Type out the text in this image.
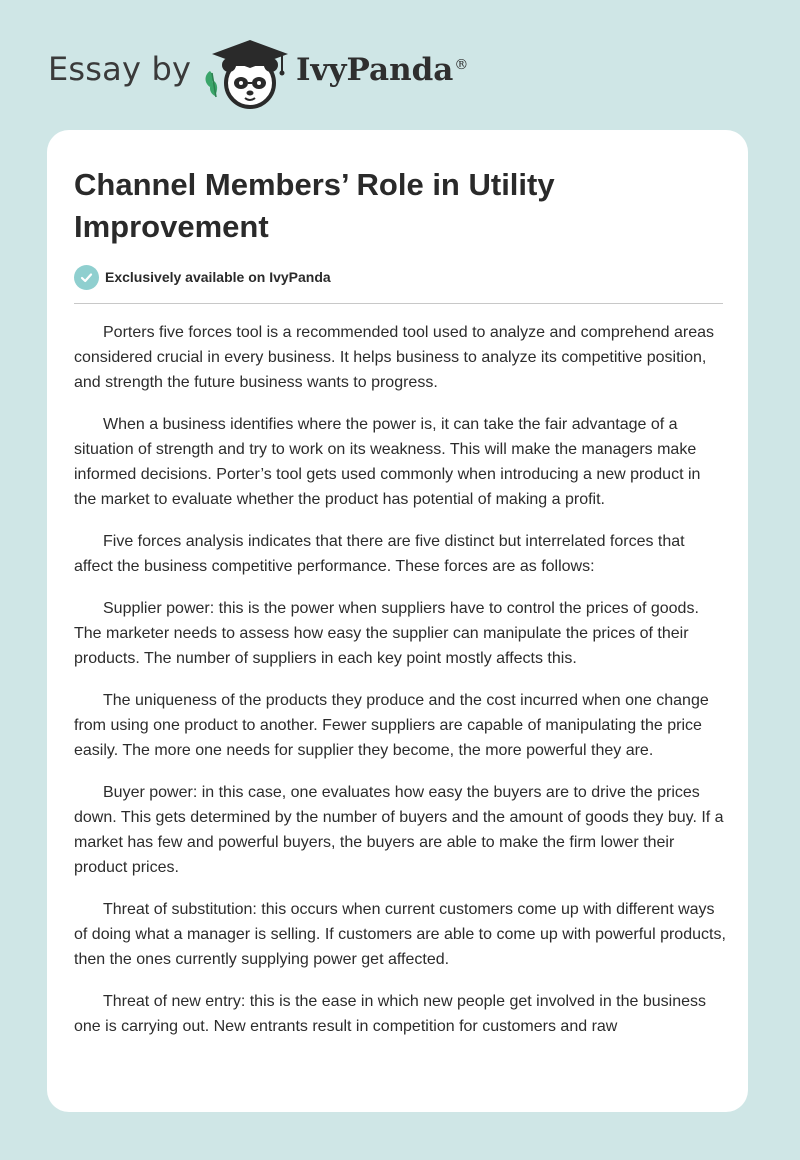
Essay by	IvyPanda®
Channel Members’ Role in Utility Improvement
Exclusively available on IvyPanda

Porters five forces tool is a recommended tool used to analyze and comprehend areas considered crucial in every business. It helps business to analyze its competitive position, and strength the future business wants to progress.

When a business identifies where the power is, it can take the fair advantage of a situation of strength and try to work on its weakness. This will make the managers make informed decisions. Porter’s tool gets used commonly when introducing a new product in the market to evaluate whether the product has potential of making a profit.

Five forces analysis indicates that there are five distinct but interrelated forces that affect the business competitive performance. These forces are as follows:

Supplier power: this is the power when suppliers have to control the prices of goods. The marketer needs to assess how easy the supplier can manipulate the prices of their products. The number of suppliers in each key point mostly affects this.

The uniqueness of the products they produce and the cost incurred when one change from using one product to another. Fewer suppliers are capable of manipulating the price easily. The more one needs for supplier they become, the more powerful they are.

Buyer power: in this case, one evaluates how easy the buyers are to drive the prices down. This gets determined by the number of buyers and the amount of goods they buy. If a market has few and powerful buyers, the buyers are able to make the firm lower their product prices.

Threat of substitution: this occurs when current customers come up with different ways of doing what a manager is selling. If customers are able to come up with powerful products, then the ones currently supplying power get affected.

Threat of new entry: this is the ease in which new people get involved in the business one is carrying out. New entrants result in competition for customers and raw
